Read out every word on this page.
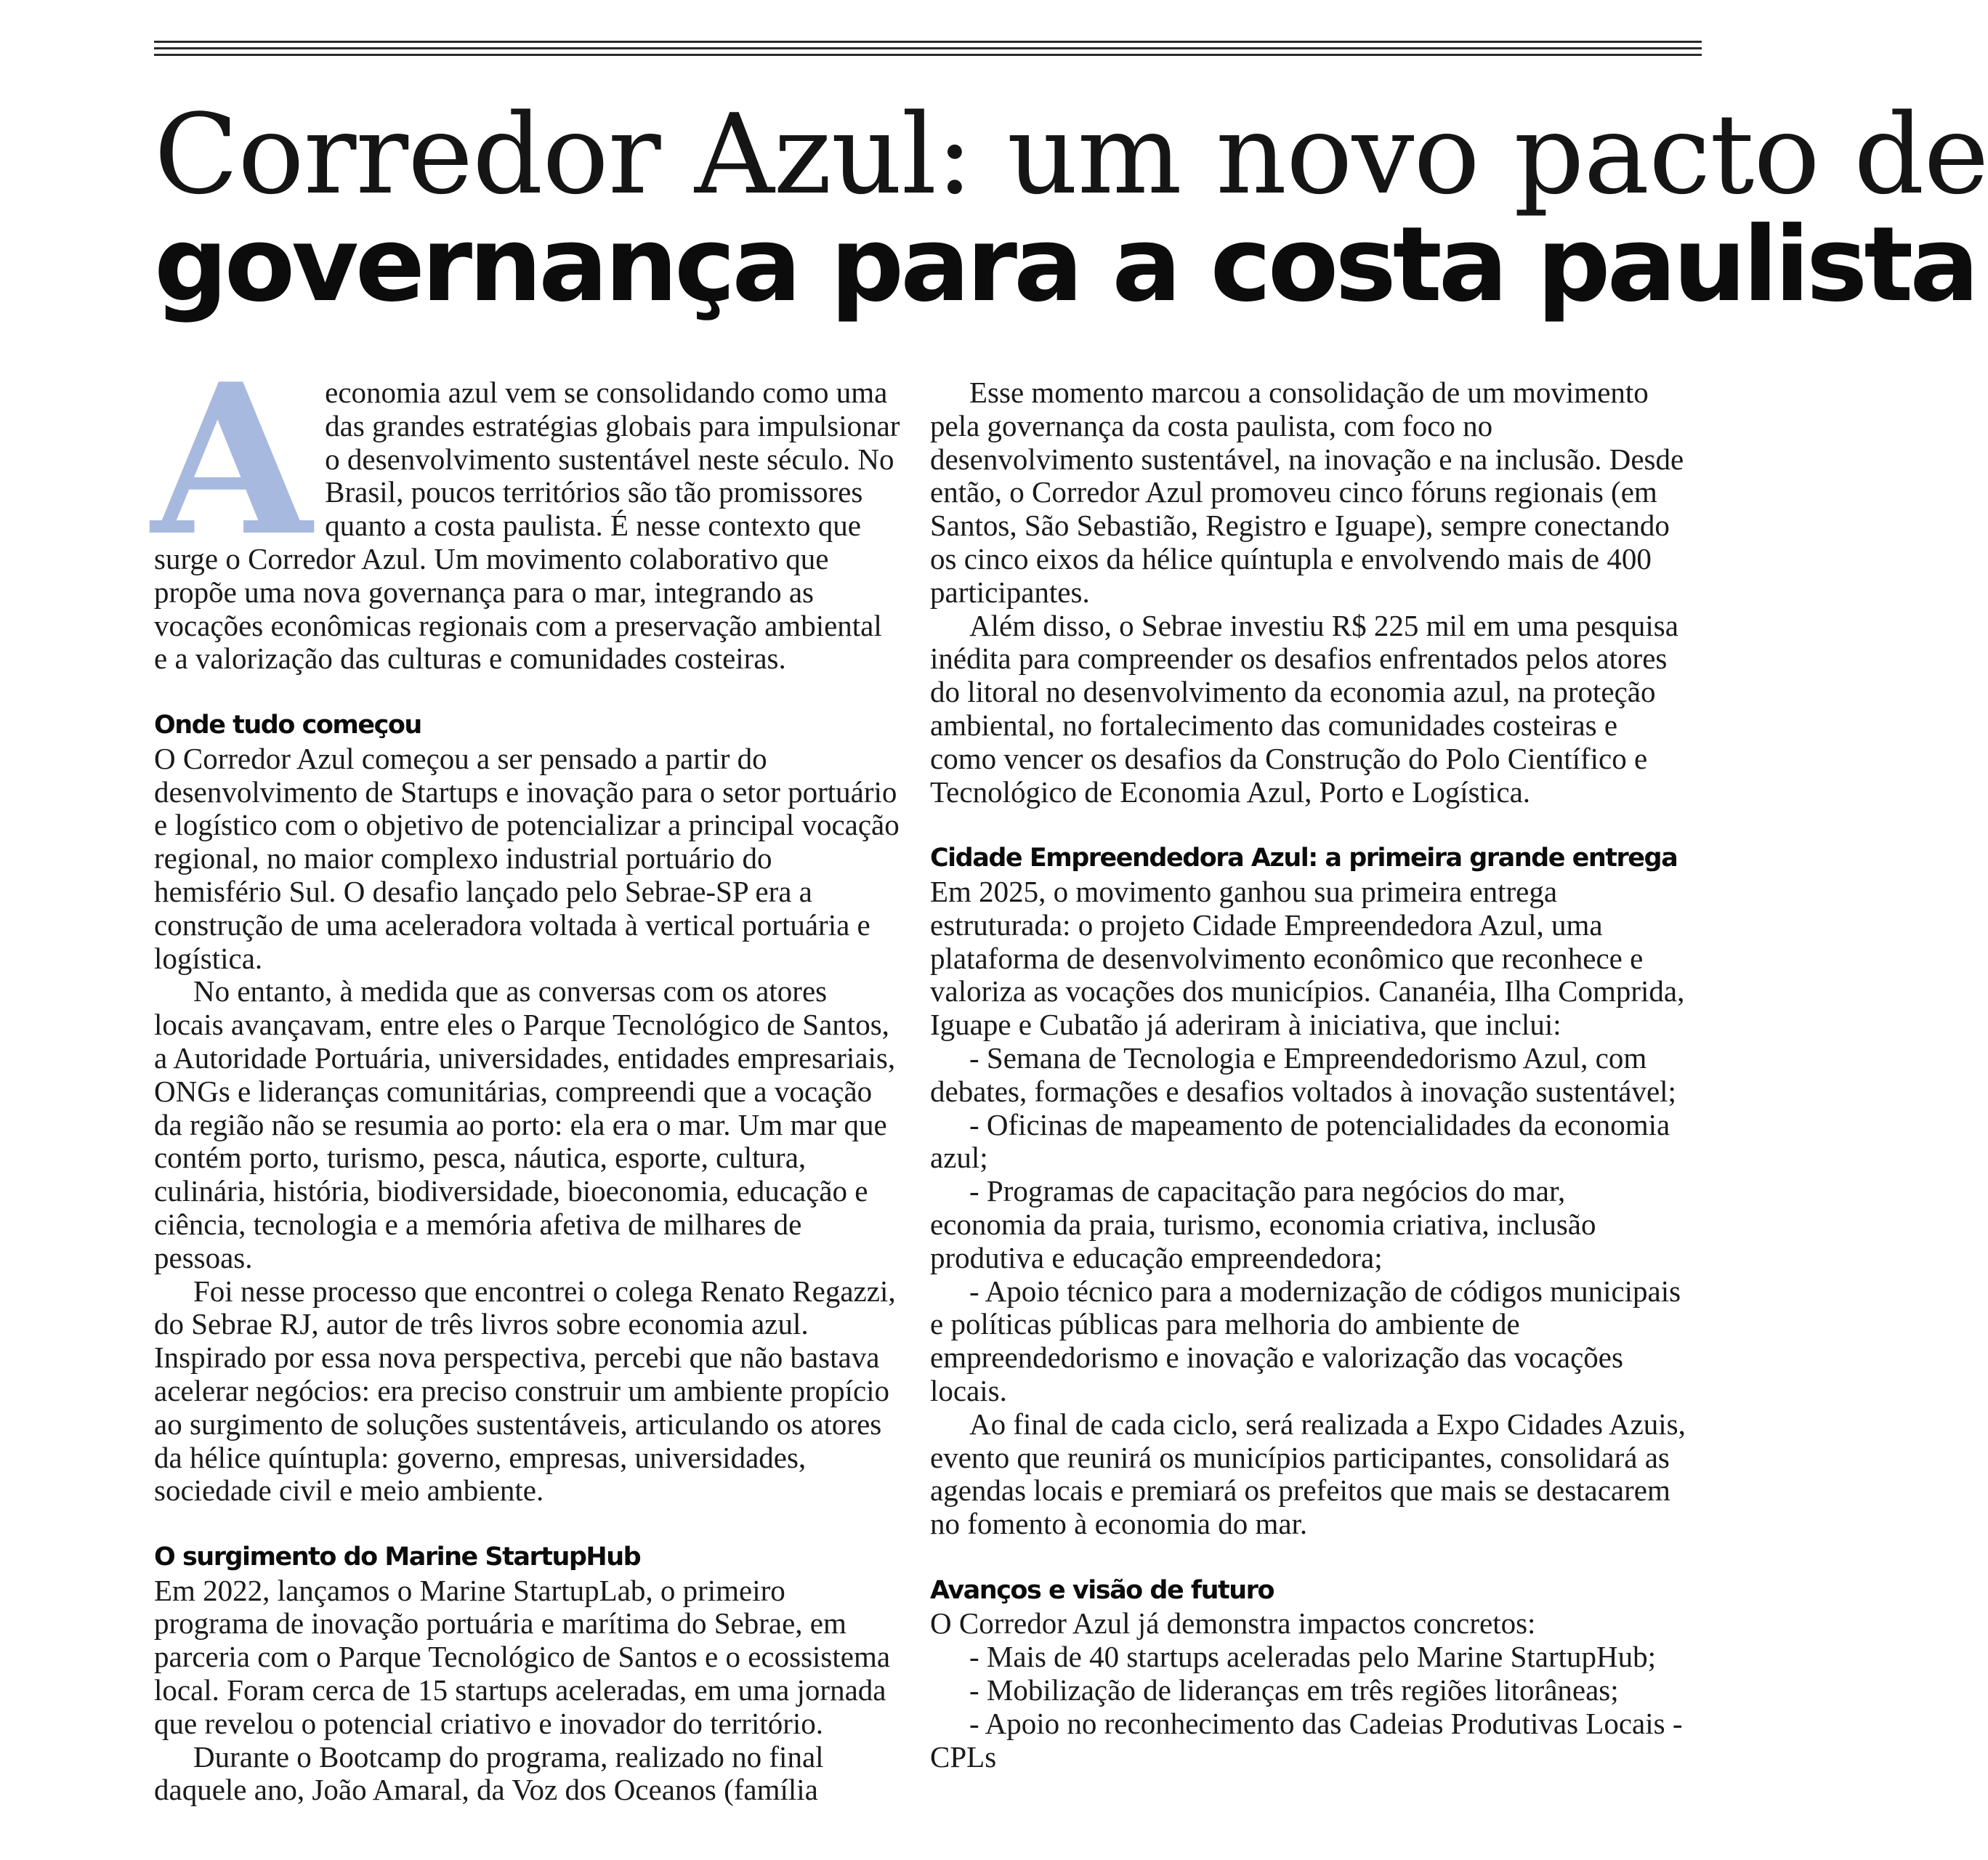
Corredor Azul: um novo pacto de
governança para a costa paulista
A economia azul vem se consolidando como uma das grandes estratégias globais para impulsionar o desenvolvimento sustentável neste século. No Brasil, poucos territórios são tão promissores quanto a costa paulista. É nesse contexto que surge o Corredor Azul. Um movimento colaborativo que propõe uma nova governança para o mar, integrando as vocações econômicas regionais com a preservação ambiental e a valorização das culturas e comunidades costeiras.

Onde tudo começou

O Corredor Azul começou a ser pensado a partir do desenvolvimento de Startups e inovação para o setor portuário e logístico com o objetivo de potencializar a principal vocação regional, no maior complexo industrial portuário do hemisfério Sul. O desafio lançado pelo Sebrae-SP era a construção de uma aceleradora voltada à vertical portuária e logística.

No entanto, à medida que as conversas com os atores locais avançavam, entre eles o Parque Tecnológico de Santos, a Autoridade Portuária, universidades, entidades empresariais, ONGs e lideranças comunitárias, compreendi que a vocação da região não se resumia ao porto: ela era o mar. Um mar que contém porto, turismo, pesca, náutica, esporte, cultura, culinária, história, biodiversidade, bioeconomia, educação e ciência, tecnologia e a memória afetiva de milhares de pessoas.

Foi nesse processo que encontrei o colega Renato Regazzi, do Sebrae RJ, autor de três livros sobre economia azul. Inspirado por essa nova perspectiva, percebi que não bastava acelerar negócios: era preciso construir um ambiente propício ao surgimento de soluções sustentáveis, articulando os atores da hélice quíntupla: governo, empresas, universidades, sociedade civil e meio ambiente.

O surgimento do Marine StartupHub

Em 2022, lançamos o Marine StartupLab, o primeiro programa de inovação portuária e marítima do Sebrae, em parceria com o Parque Tecnológico de Santos e o ecossistema local. Foram cerca de 15 startups aceleradas, em uma jornada que revelou o potencial criativo e inovador do território.

Durante o Bootcamp do programa, realizado no final daquele ano, João Amaral, da Voz dos Oceanos (família

Esse momento marcou a consolidação de um movimento pela governança da costa paulista, com foco no desenvolvimento sustentável, na inovação e na inclusão. Desde então, o Corredor Azul promoveu cinco fóruns regionais (em Santos, São Sebastião, Registro e Iguape), sempre conectando os cinco eixos da hélice quíntupla e envolvendo mais de 400 participantes.

Além disso, o Sebrae investiu R$ 225 mil em uma pesquisa inédita para compreender os desafios enfrentados pelos atores do litoral no desenvolvimento da economia azul, na proteção ambiental, no fortalecimento das comunidades costeiras e como vencer os desafios da Construção do Polo Científico e Tecnológico de Economia Azul, Porto e Logística.

Cidade Empreendedora Azul: a primeira grande entrega

Em 2025, o movimento ganhou sua primeira entrega estruturada: o projeto Cidade Empreendedora Azul, uma plataforma de desenvolvimento econômico que reconhece e valoriza as vocações dos municípios. Cananéia, Ilha Comprida, Iguape e Cubatão já aderiram à iniciativa, que inclui:

- Semana de Tecnologia e Empreendedorismo Azul, com debates, formações e desafios voltados à inovação sustentável;

- Oficinas de mapeamento de potencialidades da economia azul;

- Programas de capacitação para negócios do mar, economia da praia, turismo, economia criativa, inclusão produtiva e educação empreendedora;

- Apoio técnico para a modernização de códigos municipais e políticas públicas para melhoria do ambiente de empreendedorismo e inovação e valorização das vocações locais.

Ao final de cada ciclo, será realizada a Expo Cidades Azuis, evento que reunirá os municípios participantes, consolidará as agendas locais e premiará os prefeitos que mais se destacarem no fomento à economia do mar.

Avanços e visão de futuro

O Corredor Azul já demonstra impactos concretos:

- Mais de 40 startups aceleradas pelo Marine StartupHub;

- Mobilização de lideranças em três regiões litorâneas;

- Apoio no reconhecimento das Cadeias Produtivas Locais - CPLs
